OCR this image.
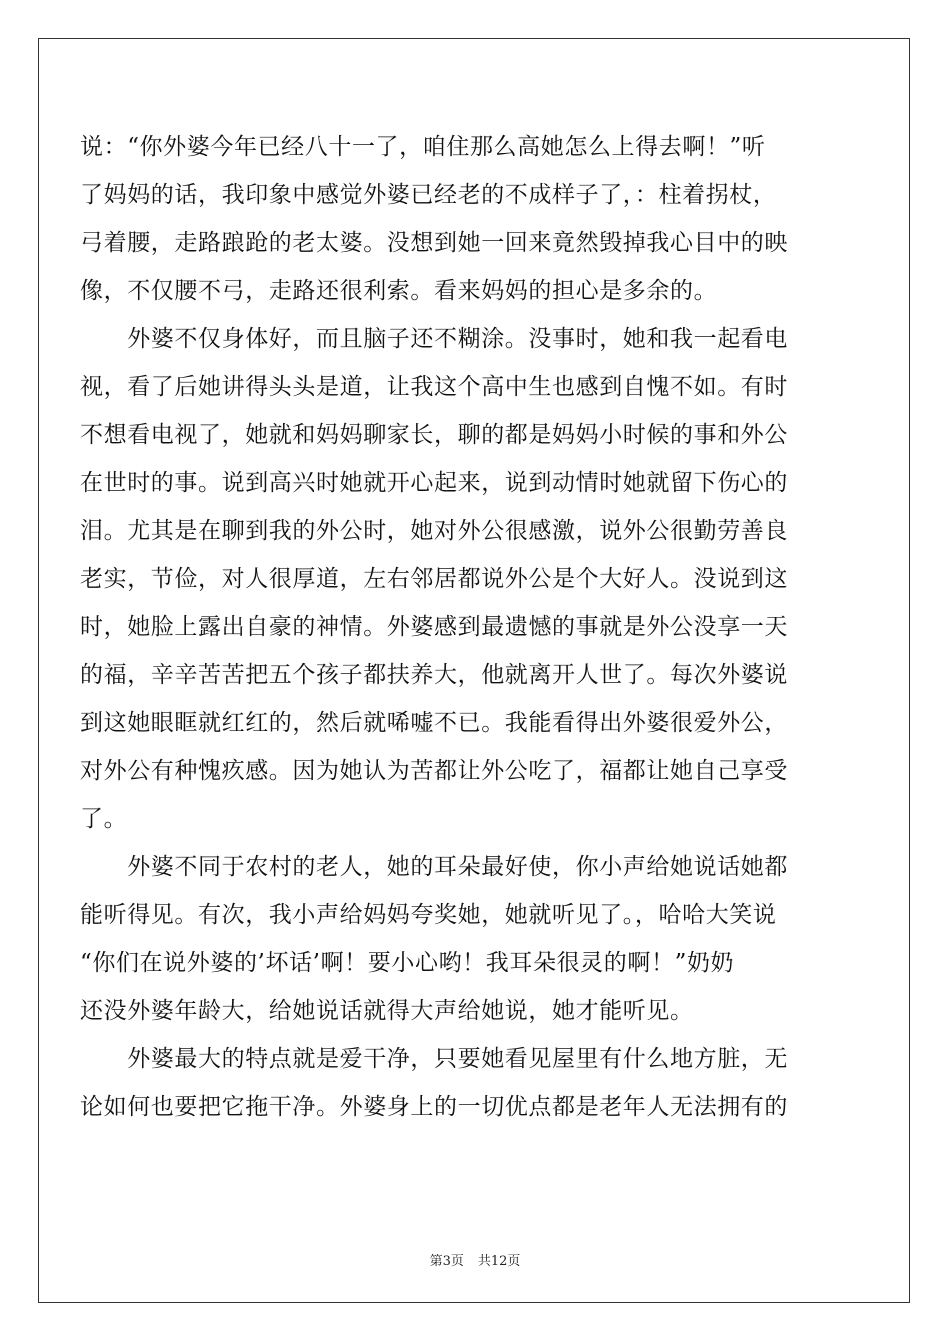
说：“你外婆今年已经八十一了，咱住那么高她怎么上得去啊！”听
了妈妈的话，我印象中感觉外婆已经老的不成样子了，：柱着拐杖，
弓着腰，走路踉跄的老太婆。没想到她一回来竟然毁掉我心目中的映
像，不仅腰不弓，走路还很利索。看来妈妈的担心是多余的。
　　外婆不仅身体好，而且脑子还不糊涂。没事时，她和我一起看电
视，看了后她讲得头头是道，让我这个高中生也感到自愧不如。有时
不想看电视了，她就和妈妈聊家长，聊的都是妈妈小时候的事和外公
在世时的事。说到高兴时她就开心起来，说到动情时她就留下伤心的
泪。尤其是在聊到我的外公时，她对外公很感激，说外公很勤劳善良
老实，节俭，对人很厚道，左右邻居都说外公是个大好人。没说到这
时，她脸上露出自豪的神情。外婆感到最遗憾的事就是外公没享一天
的福，辛辛苦苦把五个孩子都扶养大，他就离开人世了。每次外婆说
到这她眼眶就红红的，然后就唏嘘不已。我能看得出外婆很爱外公，
对外公有种愧疚感。因为她认为苦都让外公吃了，福都让她自己享受
了。
　　外婆不同于农村的老人，她的耳朵最好使，你小声给她说话她都
能听得见。有次，我小声给妈妈夸奖她，她就听见了。，哈哈大笑说
“你们在说外婆的’坏话’啊！要小心哟！我耳朵很灵的啊！”奶奶
还没外婆年龄大，给她说话就得大声给她说，她才能听见。
　　外婆最大的特点就是爱干净，只要她看见屋里有什么地方脏，无
论如何也要把它拖干净。外婆身上的一切优点都是老年人无法拥有的
第3页 共12页
